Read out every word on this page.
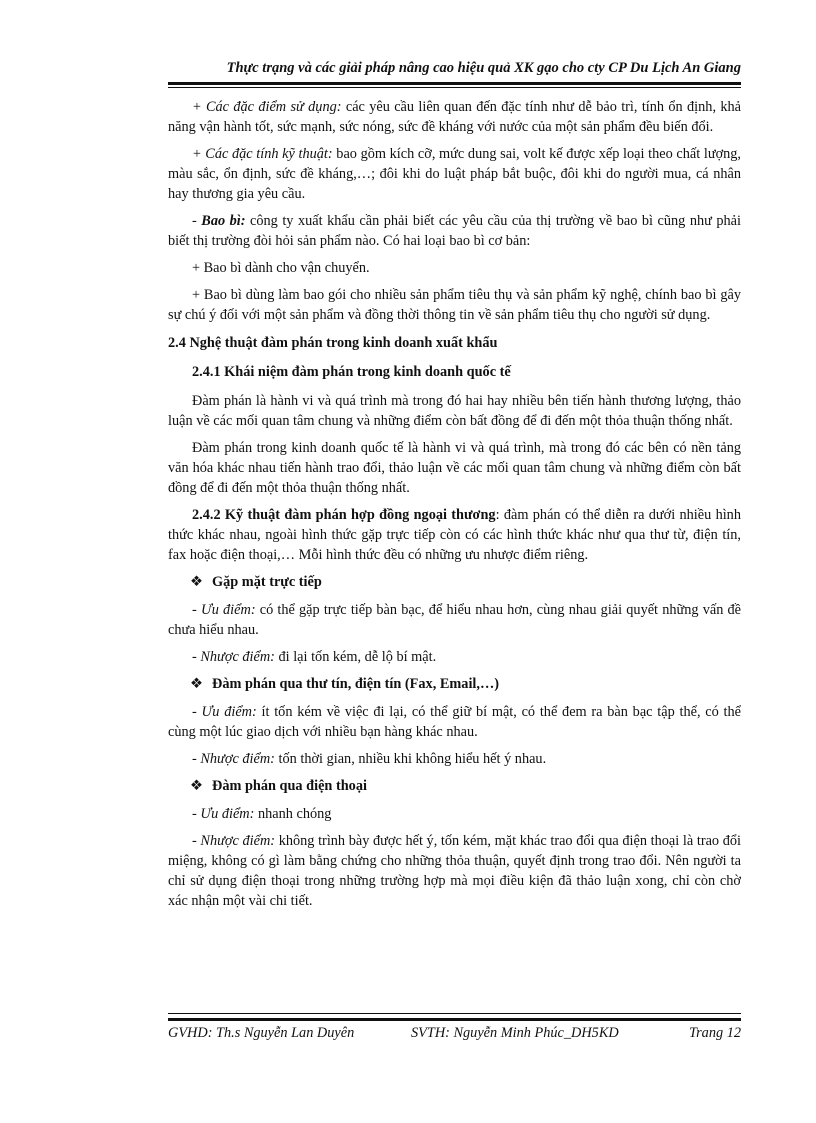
Thực trạng và các giải pháp nâng cao hiệu quả XK gạo cho cty CP Du Lịch An Giang

+ Các đặc điểm sử dụng: các yêu cầu liên quan đến đặc tính như dễ bảo trì, tính ổn định, khả năng vận hành tốt, sức mạnh, sức nóng, sức đề kháng với nước của một sản phẩm đều biến đổi.

+ Các đặc tính kỹ thuật: bao gồm kích cỡ, mức dung sai, volt kế được xếp loại theo chất lượng, màu sắc, ổn định, sức đề kháng,…; đôi khi do luật pháp bắt buộc, đôi khi do người mua, cá nhân hay thương gia yêu cầu.

- Bao bì: công ty xuất khẩu cần phải biết các yêu cầu của thị trường về bao bì cũng như phải biết thị trường đòi hỏi sản phẩm nào. Có hai loại bao bì cơ bản:

+ Bao bì dành cho vận chuyển.

+ Bao bì dùng làm bao gói cho nhiều sản phẩm tiêu thụ và sản phẩm kỹ nghệ, chính bao bì gây sự chú ý đối với một sản phẩm và đồng thời thông tin về sản phẩm tiêu thụ cho người sử dụng.

2.4 Nghệ thuật đàm phán trong kinh doanh xuất khẩu
2.4.1 Khái niệm đàm phán trong kinh doanh quốc tế

Đàm phán là hành vi và quá trình mà trong đó hai hay nhiều bên tiến hành thương lượng, thảo luận về các mối quan tâm chung và những điểm còn bất đồng để đi đến một thỏa thuận thống nhất.

Đàm phán trong kinh doanh quốc tế là hành vi và quá trình, mà trong đó các bên có nền tảng văn hóa khác nhau tiến hành trao đổi, thảo luận về các mối quan tâm chung và những điểm còn bất đồng để đi đến một thỏa thuận thống nhất.

2.4.2 Kỹ thuật đàm phán hợp đồng ngoại thương: đàm phán có thể diễn ra dưới nhiều hình thức khác nhau, ngoài hình thức gặp trực tiếp còn có các hình thức khác như qua thư từ, điện tín, fax hoặc điện thoại,… Mỗi hình thức đều có những ưu nhược điểm riêng.

❖ Gặp mặt trực tiếp

- Ưu điểm: có thể gặp trực tiếp bàn bạc, để hiểu nhau hơn, cùng nhau giải quyết những vấn đề chưa hiểu nhau.

- Nhược điểm: đi lại tốn kém, dễ lộ bí mật.

❖ Đàm phán qua thư tín, điện tín (Fax, Email,…)

- Ưu điểm: ít tốn kém về việc đi lại, có thể giữ bí mật, có thể đem ra bàn bạc tập thể, có thể cùng một lúc giao dịch với nhiều bạn hàng khác nhau.

- Nhược điểm: tốn thời gian, nhiều khi không hiểu hết ý nhau.

❖ Đàm phán qua điện thoại

- Ưu điểm: nhanh chóng

- Nhược điểm: không trình bày được hết ý, tốn kém, mặt khác trao đổi qua điện thoại là trao đổi miệng, không có gì làm bằng chứng cho những thỏa thuận, quyết định trong trao đổi. Nên người ta chỉ sử dụng điện thoại trong những trường hợp mà mọi điều kiện đã thảo luận xong, chỉ còn chờ xác nhận một vài chi tiết.

GVHD: Th.s Nguyễn Lan Duyên	SVTH: Nguyễn Minh Phúc_DH5KD	Trang 12
